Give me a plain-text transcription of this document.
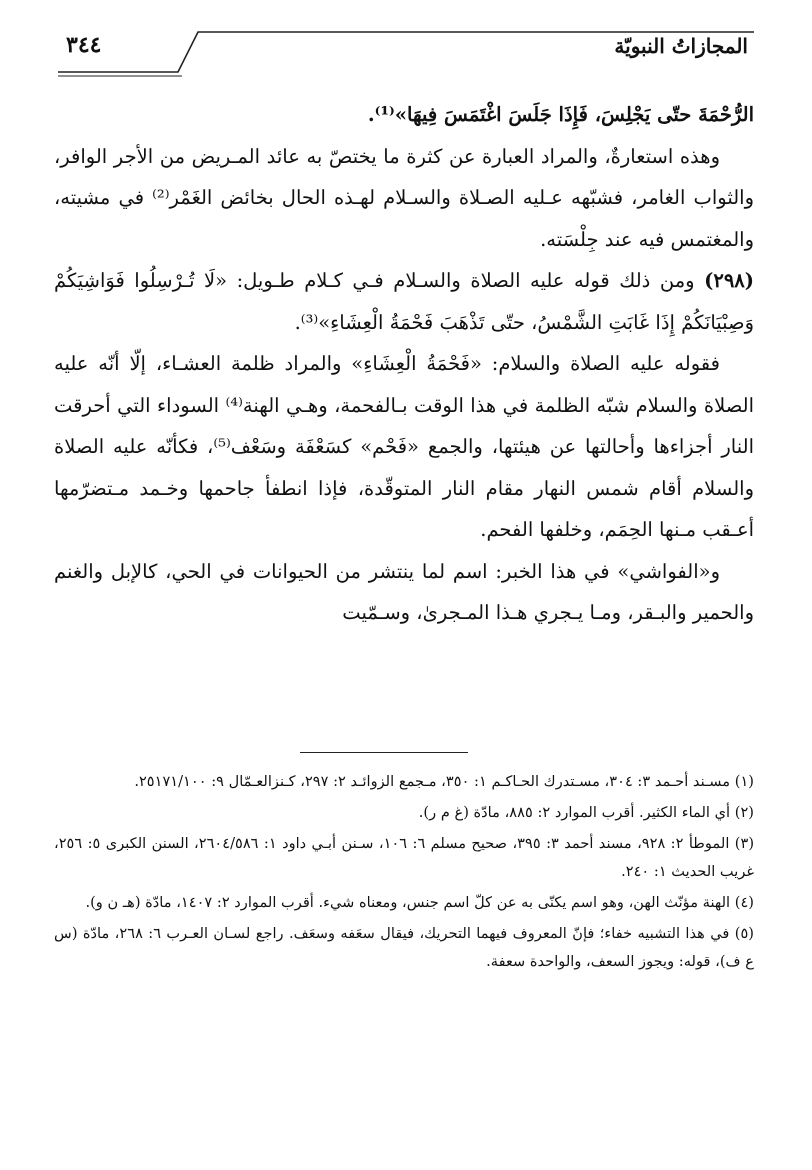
المجازاتُ النبويّة
٣٤٤

الرُّحْمَةَ حتّى يَجْلِسَ، فَإِذَا جَلَسَ اغْتَمَسَ فِيهَا»⁽¹⁾.

وهذه استعارةٌ، والمراد العبارة عن كثرة ما يختصّ به عائد المـريض من الأجر الوافر، والثواب الغامر، فشبّهه عـليه الصـلاة والسـلام لهـذه الحال بخائض الغَمْر⁽²⁾ في مشيته، والمغتمس فيه عند جِلْسَته.

(٢٩٨) ومن ذلك قوله عليه الصلاة والسـلام فـي كـلام طـويل: «لَا تُـرْسِلُوا فَوَاشِيَكُمْ وَصِبْيَانَكُمْ إِذَا غَابَتِ الشَّمْسُ، حتّى تَذْهَبَ فَحْمَةُ الْعِشَاءِ»⁽³⁾.

فقوله عليه الصلاة والسلام: «فَحْمَةُ الْعِشَاءِ» والمراد ظلمة العشـاء، إلّا أنّه عليه الصلاة والسلام شبّه الظلمة في هذا الوقت بـالفحمة، وهـي الهنة⁽⁴⁾ السوداء التي أحرقت النار أجزاءها وأحالتها عن هيئتها، والجمع «فَحْم» كسَعْفَة وسَعْف⁽⁵⁾، فكأنّه عليه الصلاة والسلام أقام شمس النهار مقام النار المتوقّدة، فإذا انطفأ جاحمها وخـمد مـتضرّمها أعـقب مـنها الحِمَم، وخلفها الفحم.

و«الفواشي» في هذا الخبر: اسم لما ينتشر من الحيوانات في الحي، كالإبل والغنم والحمير والبـقر، ومـا يـجري هـذا المـجرىٰ، وسـمّيت

(١) مسـند أحـمد ٣: ٣٠٤، مسـتدرك الحـاكـم ١: ٣٥٠، مـجمع الزوائـد ٢: ٢٩٧، كـنزالعـمّال ٩: ٢٥١٧١/١٠٠.

(٢) أي الماء الكثير. أقرب الموارد ٢: ٨٨٥، مادّة (غ م ر).

(٣) الموطأ ٢: ٩٢٨، مسند أحمد ٣: ٣٩٥، صحيح مسلم ٦: ١٠٦، سـنن أبـي داود ١: ٢٦٠٤/٥٨٦، السنن الكبرى ٥: ٢٥٦، غريب الحديث ١: ٢٤٠.

(٤) الهنة مؤنّث الهن، وهو اسم يكنّى به عن كلّ اسم جنس، ومعناه شيء. أقرب الموارد ٢: ١٤٠٧، مادّة (هـ ن و).

(٥) في هذا التشبيه خفاء؛ فإنّ المعروف فيهما التحريك، فيقال سعَفه وسعَف. راجع لسـان العـرب ٦: ٢٦٨، مادّة (س ع ف)، قوله: ويجوز السعف، والواحدة سعفة.
